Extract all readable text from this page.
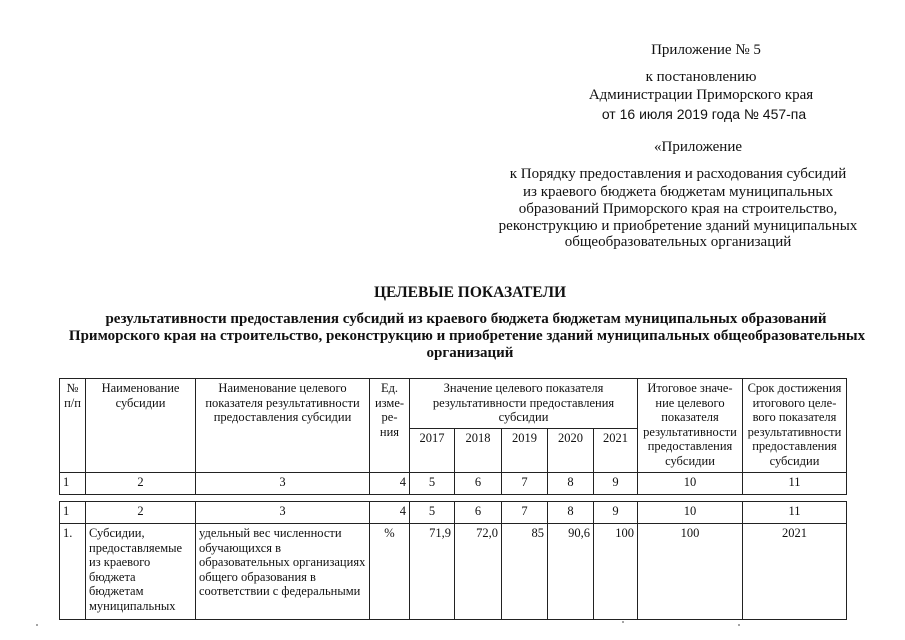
Приложение № 5
к постановлению
Администрации Приморского края
от 16 июля 2019 года № 457-па
«Приложение
к Порядку предоставления и расходования субсидий
из краевого бюджета бюджетам муниципальных
образований Приморского края на строительство,
реконструкцию и приобретение зданий муниципальных
общеобразовательных организаций
ЦЕЛЕВЫЕ ПОКАЗАТЕЛИ
результативности предоставления субсидий из краевого бюджета бюджетам муниципальных образований
Приморского края на строительство, реконструкцию и приобретение зданий муниципальных общеобразовательных
организаций
№ п/п	Наименование субсидии	Наименование целевого показателя результативности предоставления субсидии	Ед. изме-ре-ния	Значение целевого показателя результативности предоставления субсидии					Итоговое значе-ние целевого показателя результативности предоставления субсидии	Срок достижения итогового целе-вого показателя результативности предоставления субсидии
				2017	2018	2019	2020	2021		
1	2	3	4	5	6	7	8	9	10	11

1	2	3	4	5	6	7	8	9	10	11
1.	Субсидии, предоставляемые из краевого бюджета бюджетам муниципальных	удельный вес численности обучающихся в образовательных организациях общего образования в соответствии с федеральными	%	71,9	72,0	85	90,6	100	100	2021
